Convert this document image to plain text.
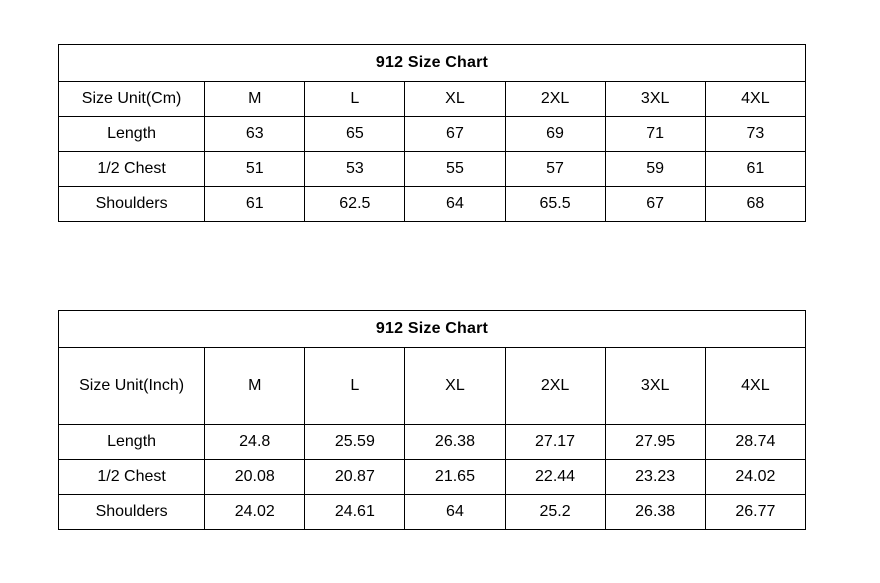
912 Size Chart						
Size Unit(Cm)	M	L	XL	2XL	3XL	4XL
Length	63	65	67	69	71	73
1/2 Chest	51	53	55	57	59	61
Shoulders	61	62.5	64	65.5	67	68
912 Size Chart						
Size Unit(Inch)	M	L	XL	2XL	3XL	4XL
Length	24.8	25.59	26.38	27.17	27.95	28.74
1/2 Chest	20.08	20.87	21.65	22.44	23.23	24.02
Shoulders	24.02	24.61	64	25.2	26.38	26.77
